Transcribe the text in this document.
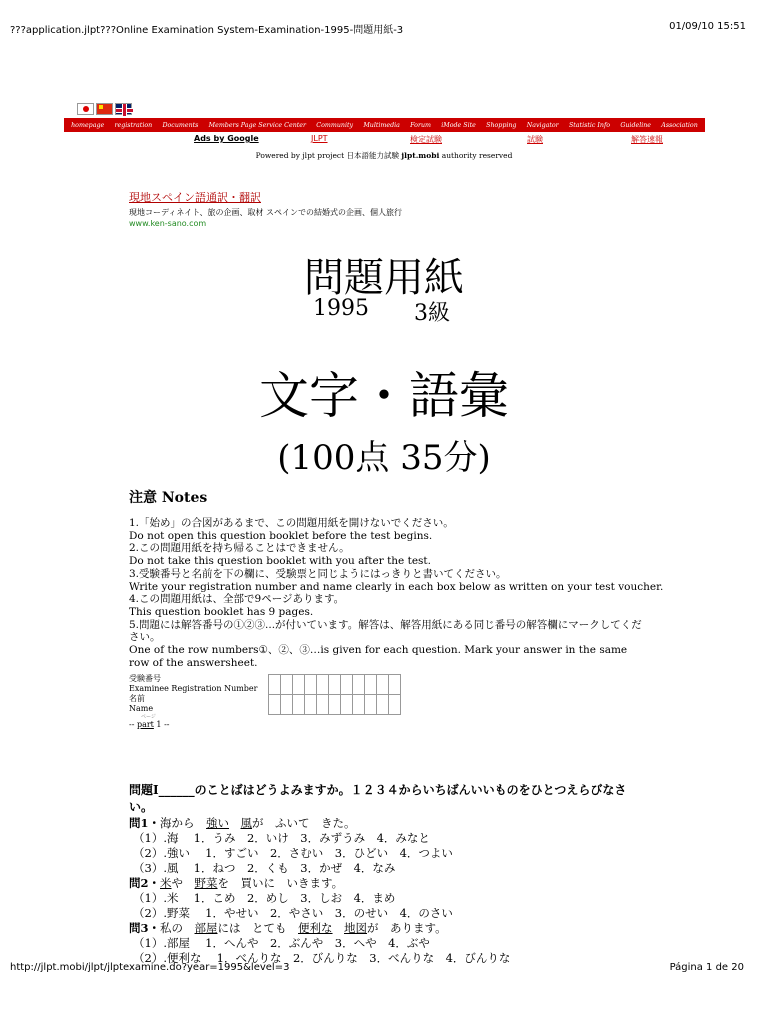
???application.jlpt???Online Examination System-Examination-1995-問題用紙-3	01/09/10 15:51
homepage registration Documents Members Page Service Center Community Multimedia Forum iMode Site Shopping Navigator Statistic Info Guideline Association
Ads by Google	JLPT	検定試験	試験	解答速報
Powered by jlpt project 日本語能力試験 jlpt.mobi authority reserved
現地スペイン語通訳・翻訳
現地コーディネイト、旅の企画、取材 スペインでの結婚式の企画、個人旅行
www.ken-sano.com
問題用紙
1995 3級
文字・語彙
(100点 35分)
注意 Notes
1.「始め」の合図があるまで、この問題用紙を開けないでください。
Do not open this question booklet before the test begins.
2.この問題用紙を持ち帰ることはできません。
Do not take this question booklet with you after the test.
3.受験番号と名前を下の欄に、受験票と同じようにはっきりと書いてください。
Write your registration number and name clearly in each box below as written on your test voucher.
4.この問題用紙は、全部で9ページあります。
This question booklet has 9 pages.
5.問題には解答番号の①②③...が付いています。解答は、解答用紙にある同じ番号の解答欄にマークしてください。
One of the row numbers①、②、③…is given for each question. Mark your answer in the same row of the answersheet.
受験番号
Examinee Registration Number
名前
Name
ページ
-- part 1 --
問題I______のことばはどうよみますか。１２３４からいちばんいいものをひとつえらびなさい。
問1・海から　強い　 風が　ふいて　きた。
（1）.海　 1．うみ　2．いけ　3．みずうみ　4．みなと
（2）.強い　 1．すごい　2．さむい　3．ひどい　4．つよい
（3）.風　 1．ねつ　2．くも　3．かぜ　4．なみ
問2・米や　野菜を　買いに　いきます。
（1）.米　 1．こめ　2．めし　3．しお　4．まめ
（2）.野菜　 1．やせい　2．やさい　3．のせい　4．のさい
問3・私の　部屋には　とても　便利な　 地図が　あります。
（1）.部屋　 1．へんや　2．ぶんや　3．へや　4．ぶや
（2）.便利な　 1．べんりな　2．びんりな　3．べんりな　4．びんりな
http://jlpt.mobi/jlpt/jlptexamine.do?year=1995&level=3	Página 1 de 20
